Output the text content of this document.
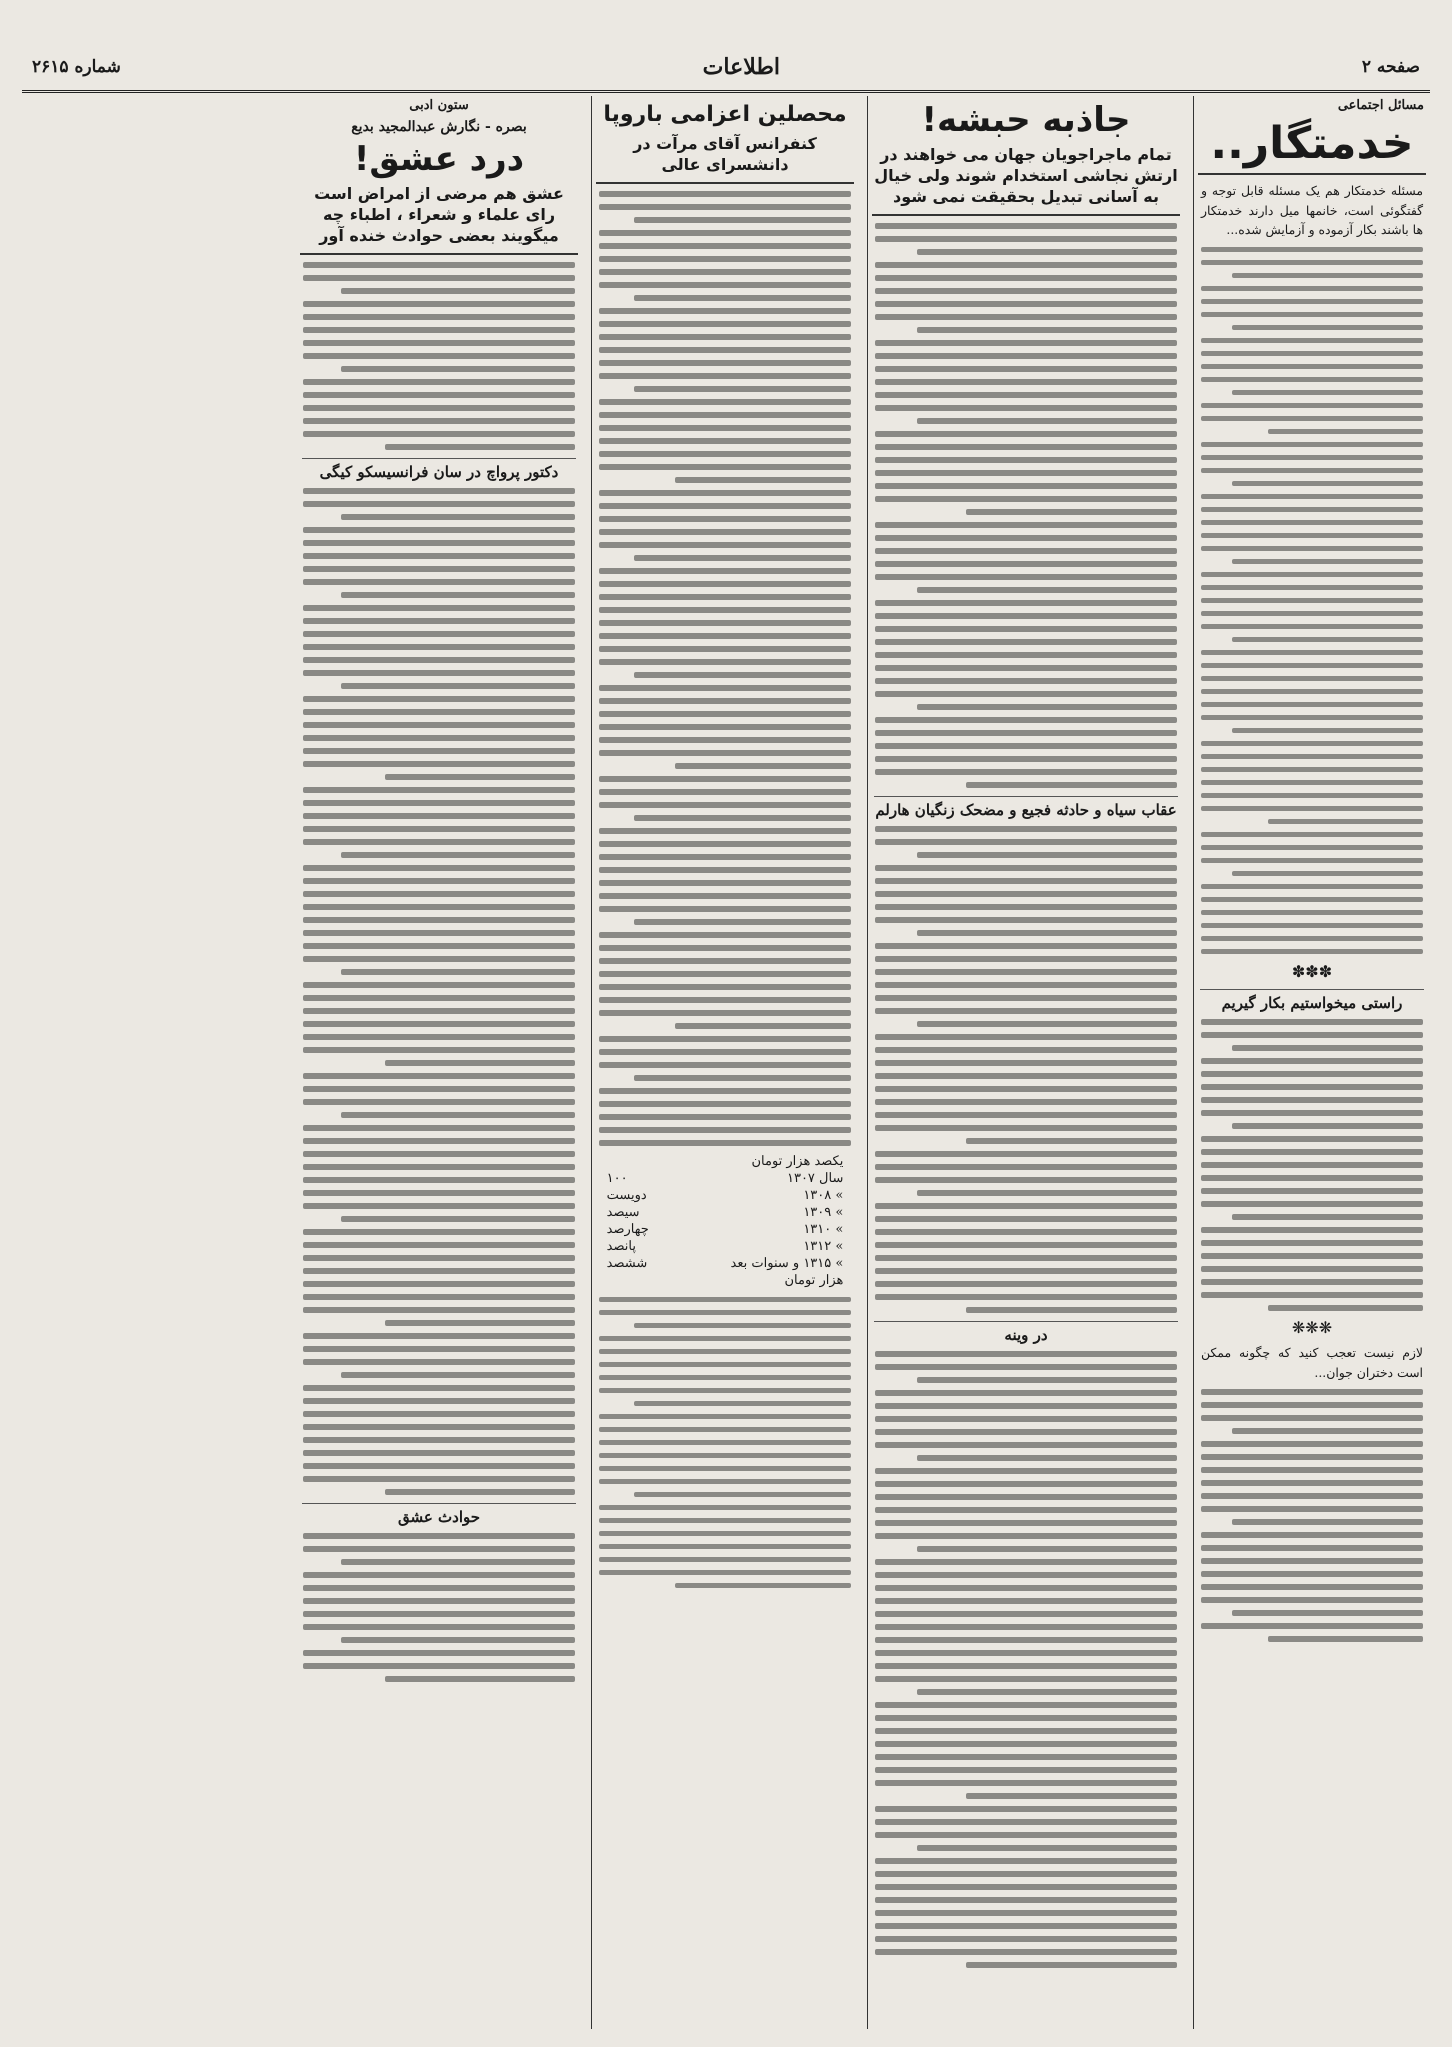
صفحه ۲
اطلاعات
شماره ۲۶۱۵
مسائل اجتماعی
خدمتگار..

مسئله خدمتکار هم یک مسئله قابل توجه و گفتگوئی است، خانمها میل دارند خدمتکار ها باشند بکار آزموده و آزمایش شده...

✽✽✽
راستی میخواستیم بکار گیریم
❋❋❋

لازم نیست تعجب کنید که چگونه ممکن است دختران جوان...

جاذبه حبشه!
تمام ماجراجویان جهان می خواهند در ارتش نجاشی استخدام شوند ولی خیال به آسانی تبدیل بحقیقت نمی شود
عقاب سیاه و حادثه فجیع و مضحک زنگیان هارلم
در وینه
محصلین اعزامی باروپا
کنفرانس آقای مرآت در دانشسرای عالی
یکصد هزار تومان	
سال ۱۳۰۷	۱۰۰
» ۱۳۰۸	دویست
» ۱۳۰۹	سیصد
» ۱۳۱۰	چهارصد
» ۱۳۱۲	پانصد
» ۱۳۱۵ و سنوات بعد	ششصد
هزار تومان	
ستون ادبی
بصره - نگارش عبدالمجید بدیع
درد عشق!
عشق هم مرضی از امراض است رای علماء و شعراء ، اطباء چه میگویند بعضی حوادث خنده آور
دکتور پرواچ در سان فرانسیسکو کیگی
حوادث عشق
